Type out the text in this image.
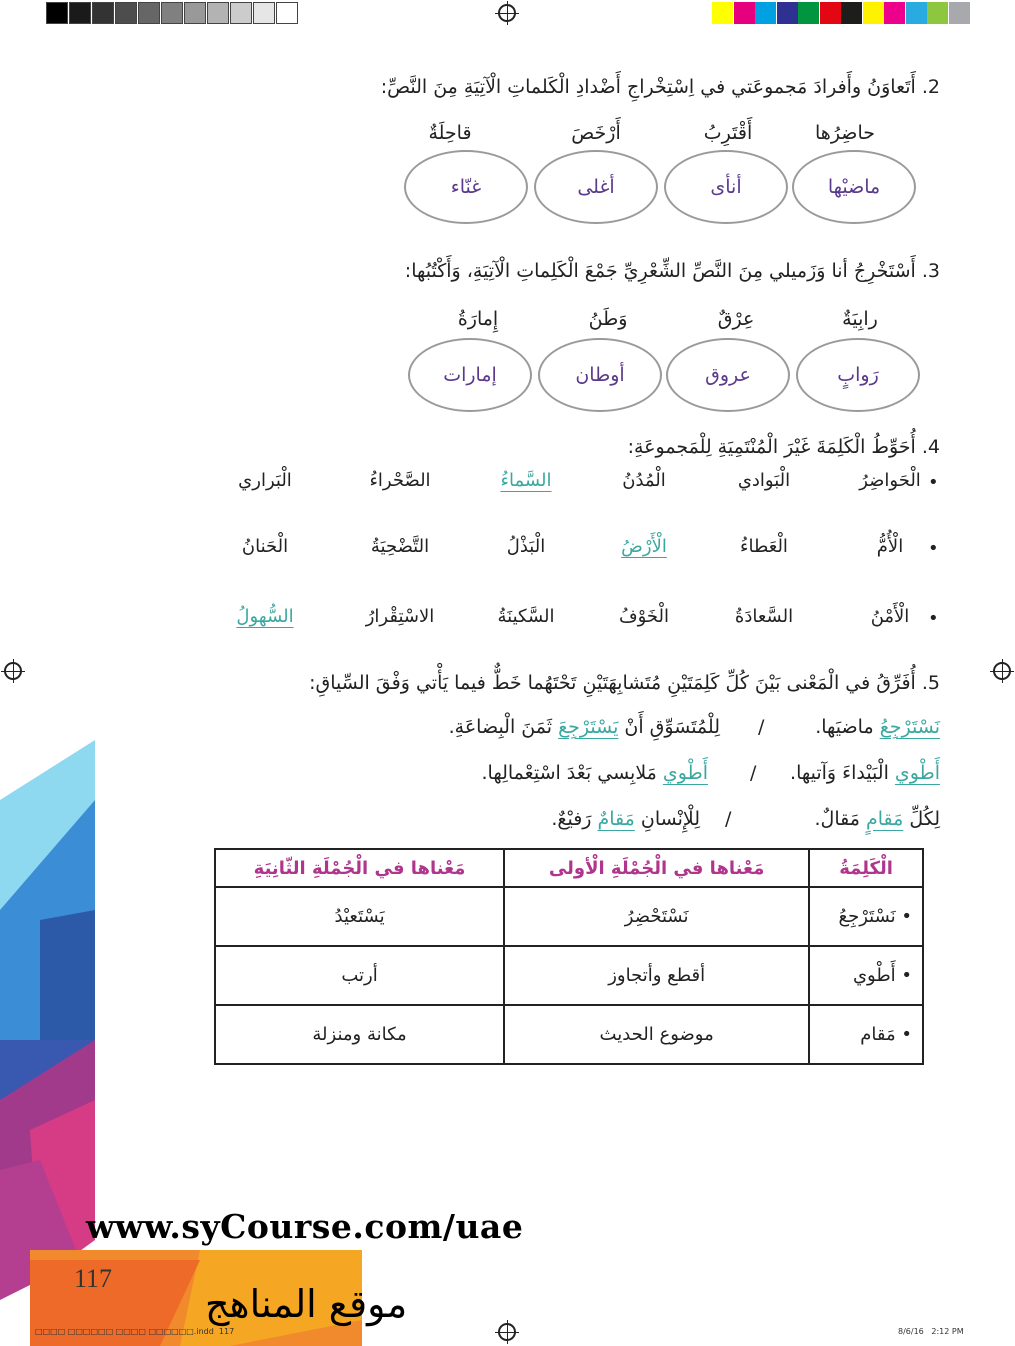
2. أَتَعاوَنُ وأَفرادَ مَجموعَتي في اِسْتِخْراجِ أَضْدادِ الْكَلماتِ الْآتِيَةِ مِنَ النَّصِّ:
حاضِرُها
أَقْتَرِبُ
أَرْخَصَ
قاحِلَةٌ
ماضيْها
أنأى
أغلى
غنّاء
3. أَسْتَخْرِجُ أنا وَزَميلي مِنَ النَّصِّ الشِّعْرِيِّ جَمْعَ الْكَلِماتِ الْآتِيَةِ، وَأَكْتُبُها:
رابِيَةٌ
عِرْقٌ
وَطَنُ
إِمارَةُ
رَوابٍ
عروق
أوطان
إمارات
4. أُحَوِّطُ الْكَلِمَةَ غَيْرَ الْمُنْتَمِيَةِ لِلْمَجموعَةِ:
•
الْحَواضِرُ
الْبَوادي
الْمُدُنُ
السَّماءُ
الصَّحْراءُ
الْبَراري
•
الْأُمُّ
الْعَطاءُ
الْأَرْضُ
الْبَذْلُ
التَّضْحِيَةُ
الْحَنانُ
•
الْأَمْنُ
السَّعادَةُ
الْخَوْفُ
السَّكينَةُ
الاسْتِقْرارُ
السُّهولُ
5. أُفَرِّقُ في الْمَعْنى بَيْنَ كُلِّ كَلِمَتَيْنِ مُتَشابِهَتَيْنِ تَحْتَهُما خَطٌّ فيما يَأْتي وَفْقَ السِّياقِ:
نَسْتَرْجِعُ ماضيَها.
/
لِلْمُتَسَوِّقِ أَنْ يَسْتَرْجِعَ ثَمَنَ الْبِضاعَةِ.
أَطْوي الْبَيْداءَ وَآتيها.
/
أَطْوي مَلابِسي بَعْدَ اسْتِعْمالِها.
لِكُلِّ مَقامٍ مَقالٌ.
/
لِلْإِنْسانِ مَقامٌ رَفيْعٌ.
الْكَلِمَةُ	مَعْناها في الْجُمْلَةِ الْأولى	مَعْناها في الْجُمْلَةِ الثّانِيَةِ
• نَسْتَرْجِعُ	نَسْتَحْضِرُ	يَسْتَعيْدُ
• أَطْوي	أقطع وأتجاوز	أرتب
• مَقام	موضوع الحديث	مكانة ومنزلة
www.syCourse.com/uae
117
موقع المناهج
□□□□ □□□□□□ □□□□ □□□□□□.indd 117	8/6/16 2:12 PM
